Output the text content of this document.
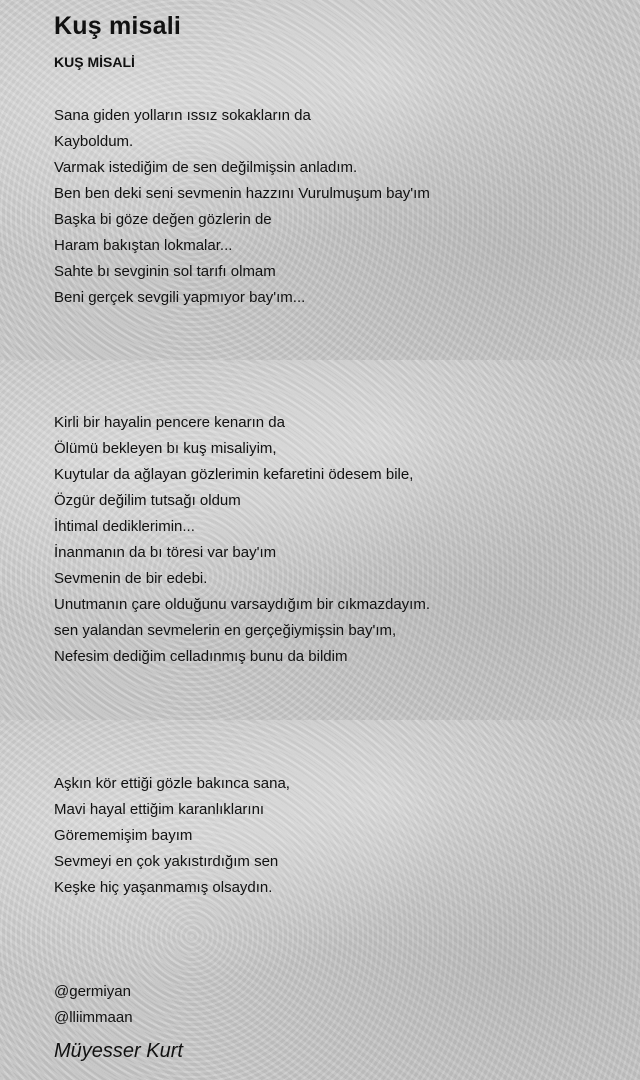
Kuş misali

KUŞ MİSALİ

Sana giden yolların ıssız sokakların da
Kayboldum.
Varmak istediğim de sen değilmişsin anladım.
Ben ben deki seni sevmenin hazzını Vurulmuşum bay'ım
Başka bi göze değen gözlerin de
Haram bakıştan lokmalar...
Sahte bı sevginin sol tarıfı olmam
Beni gerçek sevgili yapmıyor bay'ım...
Kirli bir hayalin pencere kenarın da
Ölümü bekleyen bı kuş misaliyim,
Kuytular da ağlayan gözlerimin kefaretini ödesem bile,
Özgür değilim tutsağı oldum
İhtimal dediklerimin...
İnanmanın da bı töresi var bay'ım
Sevmenin de bir edebi.
Unutmanın çare olduğunu varsaydığım bir cıkmazdayım.
sen yalandan sevmelerin en gerçeğiymişsin bay'ım,
Nefesim dediğim celladınmış bunu da bildim
Aşkın kör ettiği gözle bakınca sana,
Mavi hayal ettiğim karanlıklarını
Görememişim bayım
Sevmeyi en çok yakıstırdığım sen
Keşke hiç yaşanmamış olsaydın.
@germiyan
@lliimmaan

Müyesser Kurt
